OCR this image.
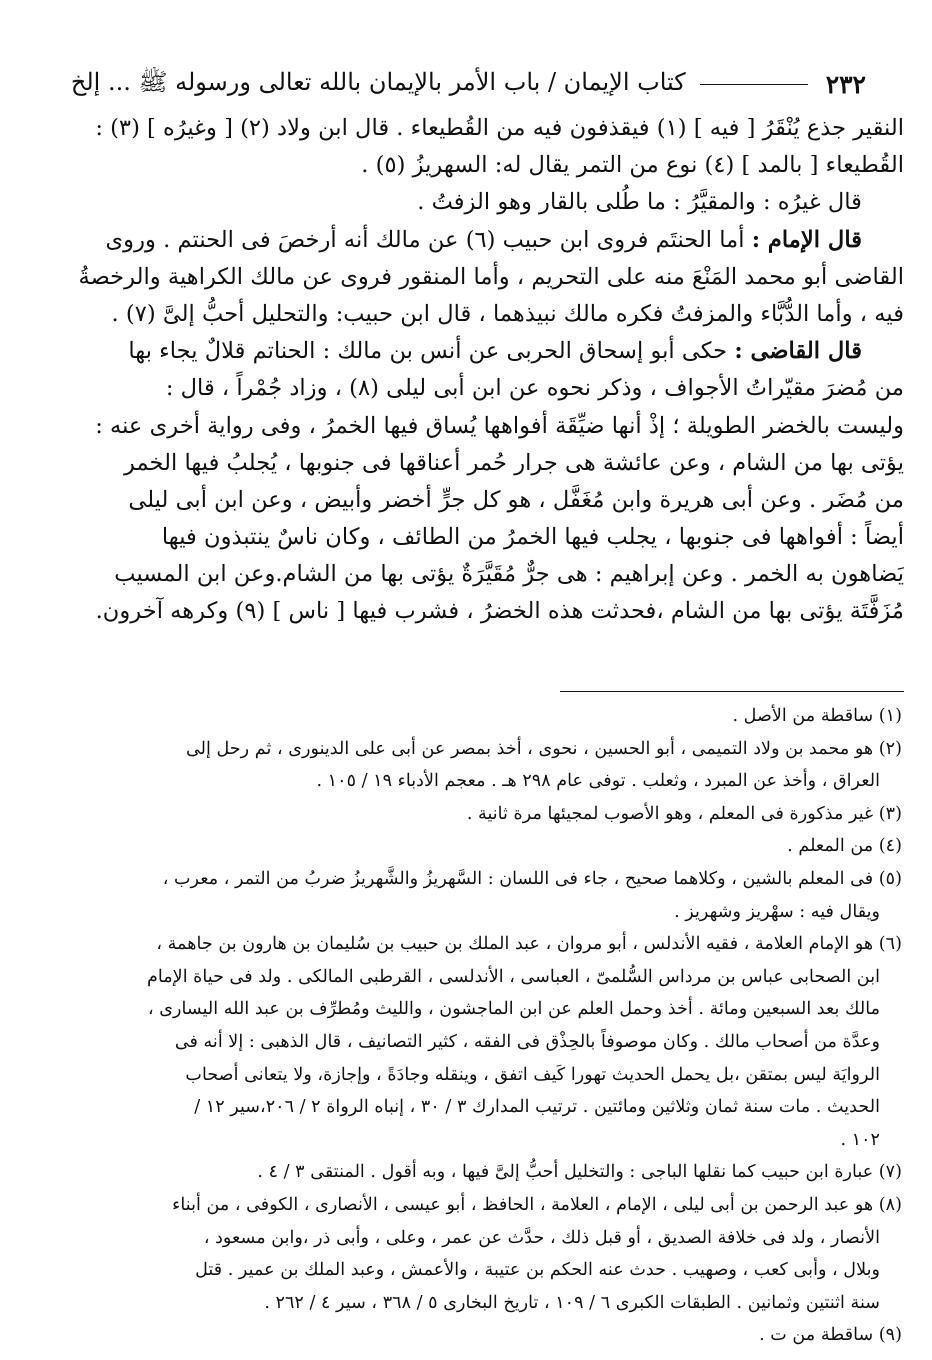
٢٣٢
كتاب الإيمان / باب الأمر بالإيمان بالله تعالى ورسوله ﷺ ... إلخ
النقير جذع يُنْقَرُ [ فيه ] (١) فيقذفون فيه من القُطيعاء . قال ابن ولاد (٢) [ وغيرُه ] (٣) :
القُطيعاء [ بالمد ] (٤) نوع من التمر يقال له: السهريزُ (٥) .
قال غيرُه : والمقيَّرُ : ما طُلى بالقار وهو الزفتُ .
قال الإمام : أما الحنتَم فروى ابن حبيب (٦) عن مالك أنه أرخصَ فى الحنتم . وروى
القاضى أبو محمد المَنْعَ منه على التحريم ، وأما المنقور فروى عن مالك الكراهية والرخصةُ
فيه ، وأما الدُّبَّاء والمزفتُ فكره مالك نبيذهما ، قال ابن حبيب: والتحليل أحبُّ إلىَّ (٧) .
قال القاضى : حكى أبو إسحاق الحربى عن أنس بن مالك : الحناتم قلالٌ يجاء بها
من مُضرَ مقيّراتُ الأجواف ، وذكر نحوه عن ابن أبى ليلى (٨) ، وزاد جُمْراً ، قال :
وليست بالخضر الطويلة ؛ إذْ أنها ضيِّقَة أفواهها يُساق فيها الخمرُ ، وفى رواية أخرى عنه :
يؤتى بها من الشام ، وعن عائشة هى جرار حُمر أعناقها فى جنوبها ، يُجلبُ فيها الخمر
من مُضَر . وعن أبى هريرة وابن مُغَفَّل ، هو كل جرٍّ أخضر وأبيض ، وعن ابن أبى ليلى
أيضاً : أفواهها فى جنوبها ، يجلب فيها الخمرُ من الطائف ، وكان ناسٌ ينتبذون فيها
يَضاهون به الخمر . وعن إبراهيم : هى جرٌّ مُقَيَّرَةٌ يؤتى بها من الشام.وعن ابن المسيب
مُزَفَّتَة يؤتى بها من الشام ،فحدثت هذه الخضرُ ، فشرب فيها [ ناس ] (٩) وكرهه آخرون.
(١) ساقطة من الأصل .
(٢) هو محمد بن ولاد التميمى ، أبو الحسين ، نحوى ، أخذ بمصر عن أبى على الدينورى ، ثم رحل إلى
العراق ، وأخذ عن المبرد ، وثعلب . توفى عام ٢٩٨ هـ . معجم الأدباء ١٩ / ١٠٥ .
(٣) غير مذكورة فى المعلم ، وهو الأصوب لمجيئها مرة ثانية .
(٤) من المعلم .
(٥) فى المعلم بالشين ، وكلاهما صحيح ، جاء فى اللسان : السَّهريزُ والشَّهريزُ ضربُ من التمر ، معرب ،
ويقال فيه : سهْريز وشهريز .
(٦) هو الإمام العلامة ، فقيه الأندلس ، أبو مروان ، عبد الملك بن حبيب بن سُليمان بن هارون بن جاهمة ،
ابن الصحابى عباس بن مرداس السُّلمىّ ، العباسى ، الأندلسى ، القرطبى المالكى . ولد فى حياة الإمام
مالك بعد السبعين ومائة . أخذ وحمل العلم عن ابن الماجشون ، والليث ومُطرِّف بن عبد الله اليسارى ،
وعدَّة من أصحاب مالك . وكان موصوفاً بالحِذْق فى الفقه ، كثير التصانيف ، قال الذهبى : إلا أنه فى
الروايَة ليس بمتقن ،بل يحمل الحديث تهورا كَيف اتفق ، وينقله وجادَةً ، وإجازة، ولا يتعانى أصحاب
الحديث . مات سنة ثمان وثلاثين ومائتين . ترتيب المدارك ٣ / ٣٠ ، إنباه الرواة ٢ / ٢٠٦،سير ١٢ /
١٠٢ .
(٧) عبارة ابن حبيب كما نقلها الباجى : والتخليل أحبُّ إلىَّ فيها ، وبه أقول . المنتقى ٣ / ٤ .
(٨) هو عبد الرحمن بن أبى ليلى ، الإمام ، العلامة ، الحافظ ، أبو عيسى ، الأنصارى ، الكوفى ، من أبناء
الأنصار ، ولد فى خلافة الصديق ، أو قبل ذلك ، حدَّث عن عمر ، وعلى ، وأبى ذر ،وابن مسعود ،
وبلال ، وأبى كعب ، وصهيب . حدث عنه الحكم بن عتيبة ، والأعمش ، وعبد الملك بن عمير . قتل
سنة اثنتين وثمانين . الطبقات الكبرى ٦ / ١٠٩ ، تاريخ البخارى ٥ / ٣٦٨ ، سير ٤ / ٢٦٢ .
(٩) ساقطة من ت .
